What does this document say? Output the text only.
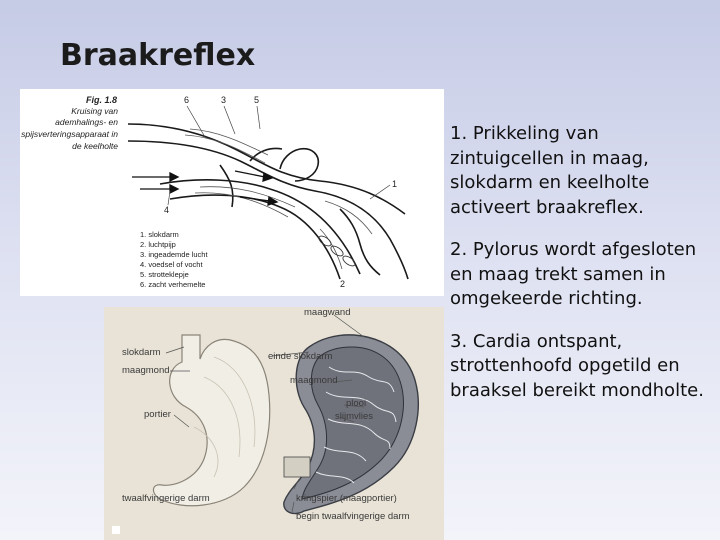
Braakreflex
Fig. 1.8
Kruising van
ademhalings- en
spijsverteringsapparaat in
de keelholte
6	3	5
1
4
2
1. slokdarm
2. luchtpijp
3. ingeademde lucht
4. voedsel of vocht
5. strotteklepje
6. zacht verhemelte
maagwand
slokdarm	einde slokdarm
maagmond
maagmond
portier
plooi
slijmvlies
twaalfvingerige darm	kringspier (maagportier)
begin twaalfvingerige darm

1. Prikkeling van zintuigcellen in maag, slokdarm en keelholte activeert braakreflex.

2. Pylorus wordt afgesloten en maag trekt samen in omgekeerde richting.

3. Cardia ontspant, strottenhoofd opgetild en braaksel bereikt mondholte.
